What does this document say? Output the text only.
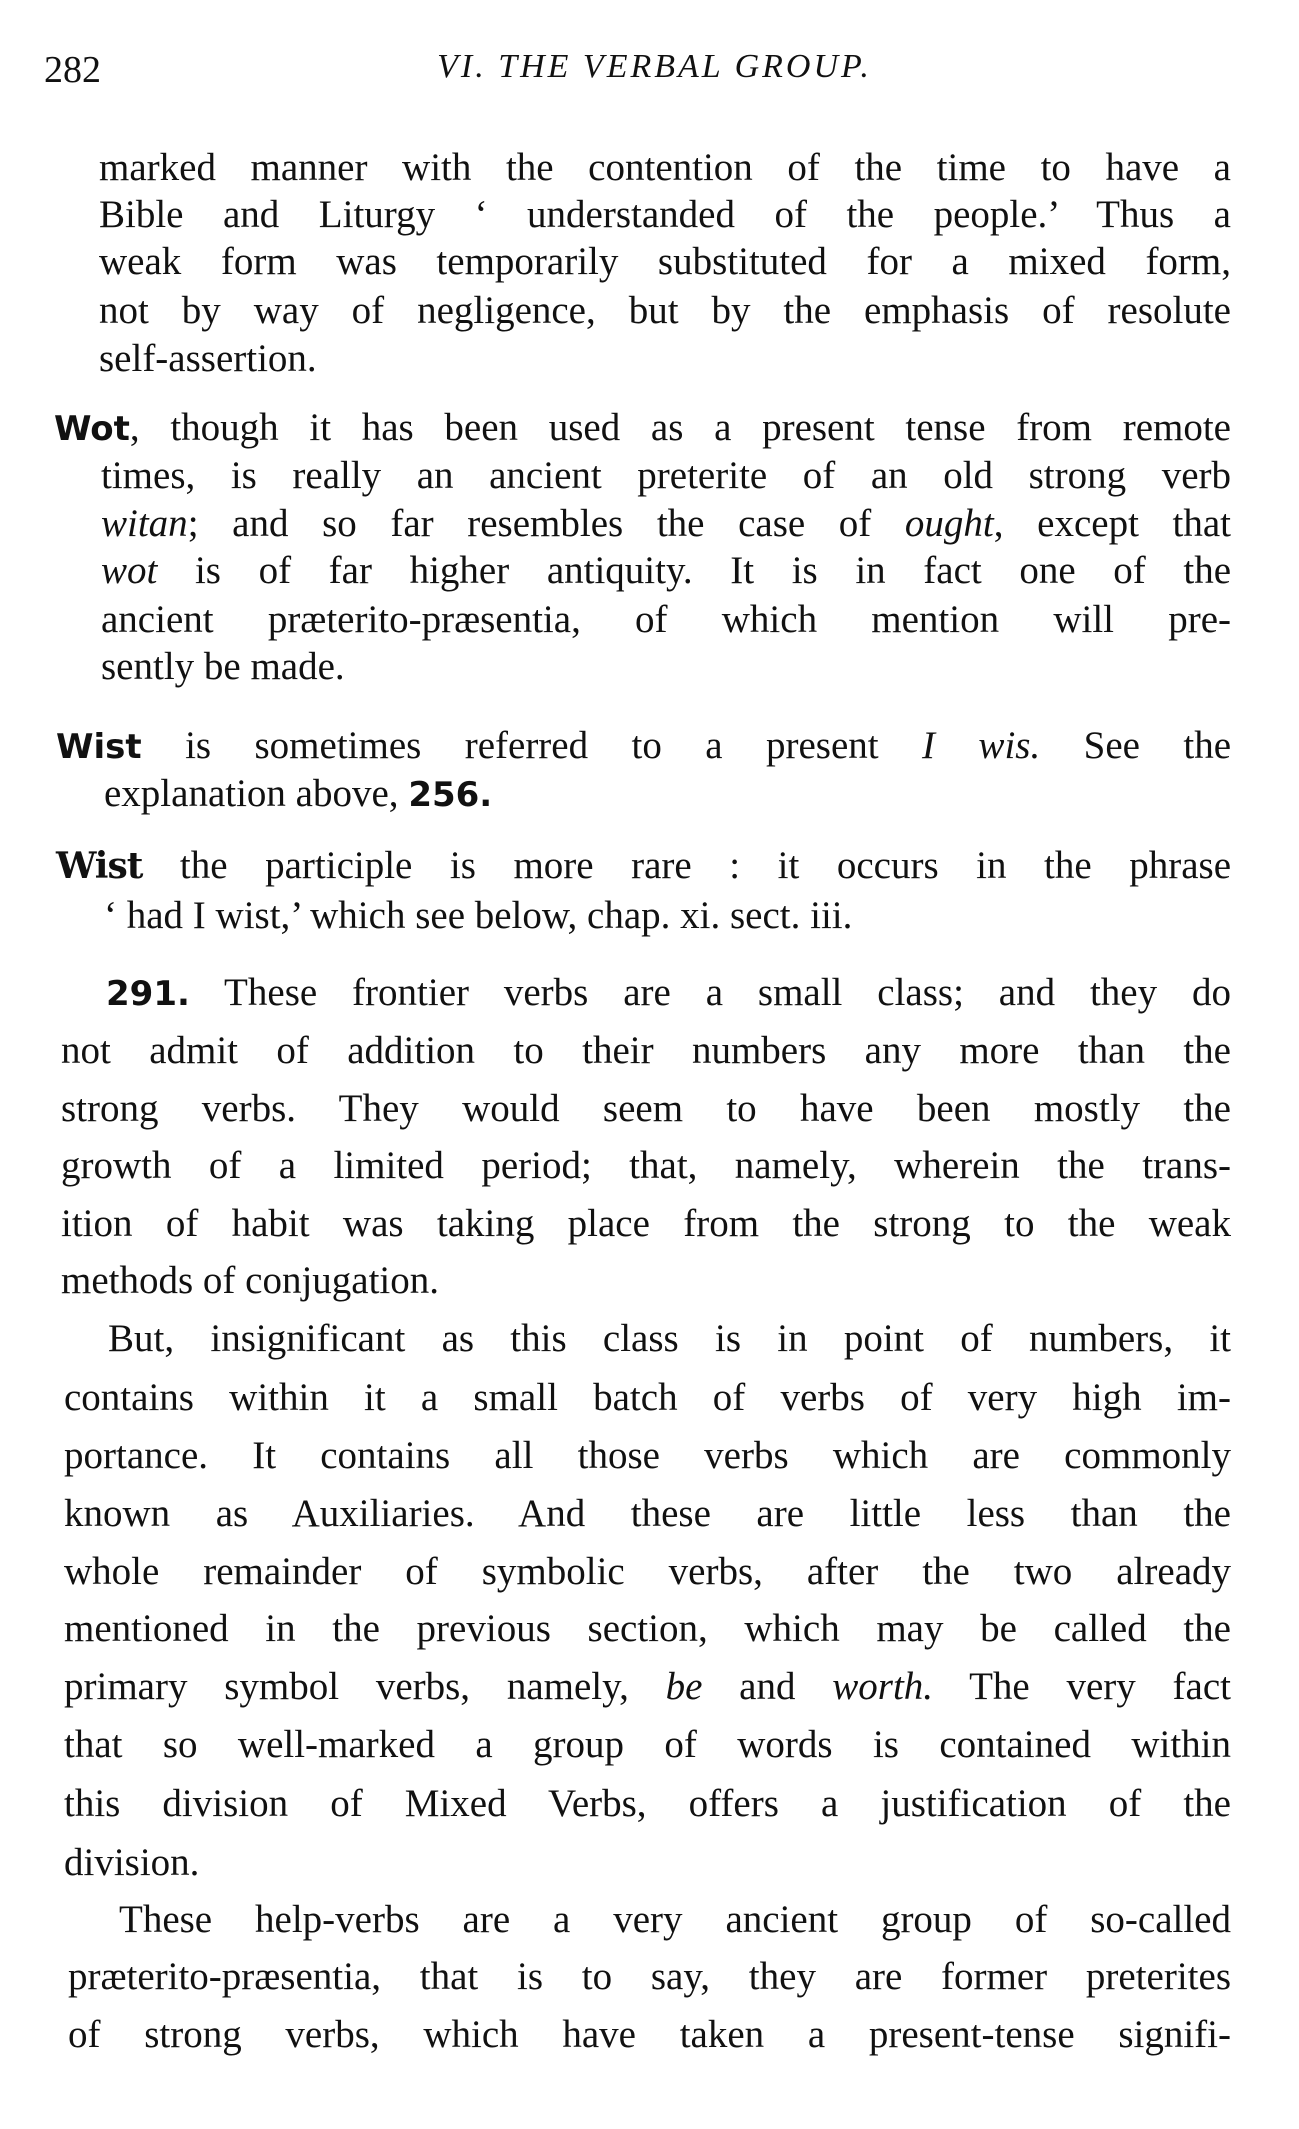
282	VI. THE VERBAL GROUP.
marked manner with the contention of the time to have a
Bible and Liturgy ‘ understanded of the people.’ Thus a
weak form was temporarily substituted for a mixed form,
not by way of negligence, but by the emphasis of resolute
self-assertion.
Wot, though it has been used as a present tense from remote
times, is really an ancient preterite of an old strong verb
witan; and so far resembles the case of ought, except that
wot is of far higher antiquity. It is in fact one of the
ancient præterito-præsentia, of which mention will pre-
sently be made.
Wist is sometimes referred to a present I wis. See the
explanation above, 256.
Wist the participle is more rare : it occurs in the phrase
‘ had I wist,’ which see below, chap. xi. sect. iii.
291. These frontier verbs are a small class; and they do
not admit of addition to their numbers any more than the
strong verbs. They would seem to have been mostly the
growth of a limited period; that, namely, wherein the trans-
ition of habit was taking place from the strong to the weak
methods of conjugation.
But, insignificant as this class is in point of numbers, it
contains within it a small batch of verbs of very high im-
portance. It contains all those verbs which are commonly
known as Auxiliaries. And these are little less than the
whole remainder of symbolic verbs, after the two already
mentioned in the previous section, which may be called the
primary symbol verbs, namely, be and worth. The very fact
that so well-marked a group of words is contained within
this division of Mixed Verbs, offers a justification of the
division.
These help-verbs are a very ancient group of so-called
præterito-præsentia, that is to say, they are former preterites
of strong verbs, which have taken a present-tense signifi-
